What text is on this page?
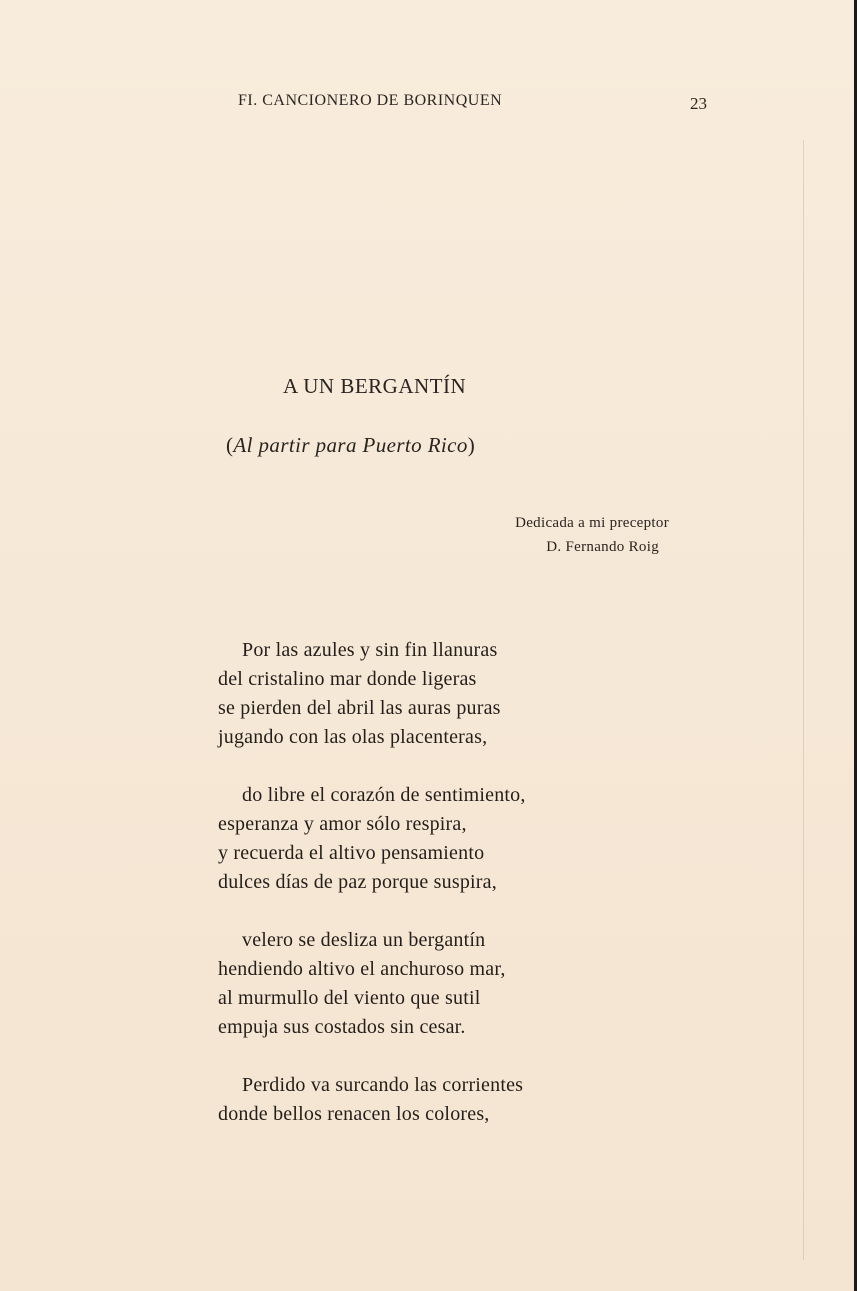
FI. CANCIONERO DE BORINQUEN	23
A UN BERGANTÍN
(Al partir para Puerto Rico)
Dedicada a mi preceptor
D. Fernando Roig
Por las azules y sin fin llanuras
del cristalino mar donde ligeras
se pierden del abril las auras puras
jugando con las olas placenteras,
do libre el corazón de sentimiento,
esperanza y amor sólo respira,
y recuerda el altivo pensamiento
dulces días de paz porque suspira,
velero se desliza un bergantín
hendiendo altivo el anchuroso mar,
al murmullo del viento que sutil
empuja sus costados sin cesar.
Perdido va surcando las corrientes
donde bellos renacen los colores,
